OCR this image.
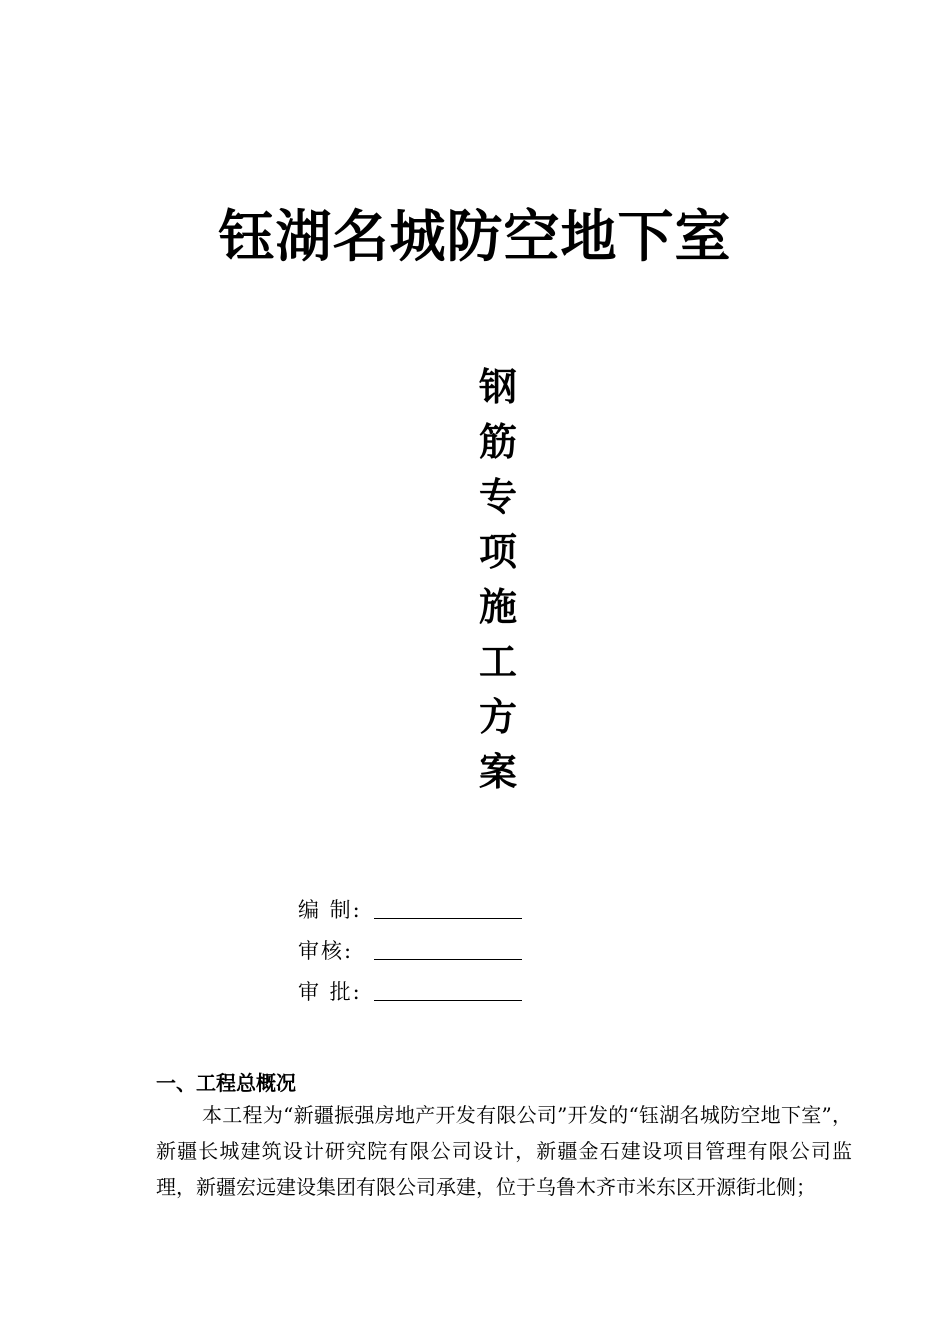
钰湖名城防空地下室
钢
筋
专
项
施
工
方
案
编 制:
审核:
审 批:
一、工程总概况

本工程为“新疆振强房地产开发有限公司”开发的“钰湖名城防空地下室”，新疆长城建筑设计研究院有限公司设计，新疆金石建设项目管理有限公司监理，新疆宏远建设集团有限公司承建，位于乌鲁木齐市米东区开源街北侧；
